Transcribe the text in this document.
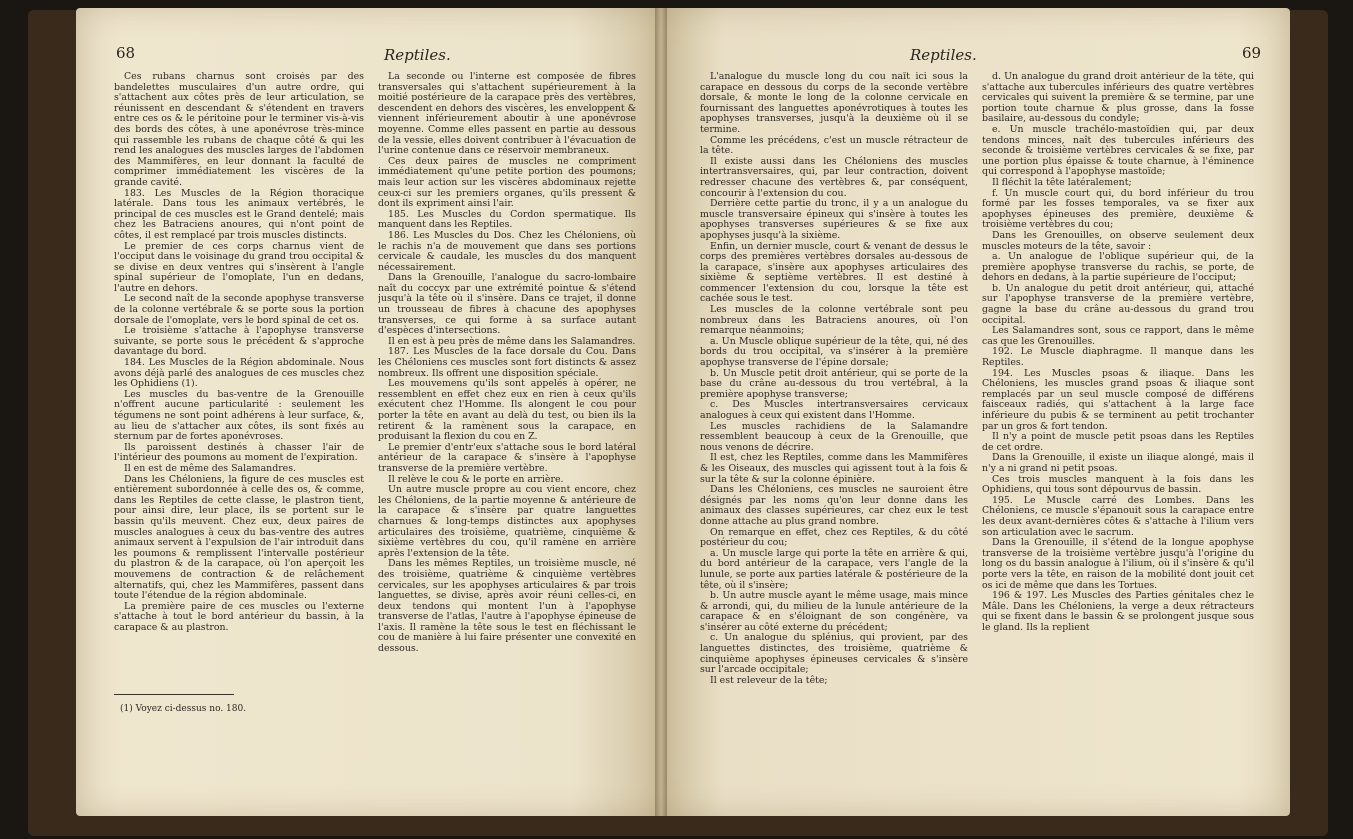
68	Reptiles.

Ces rubans charnus sont croisés par des bandelettes musculaires d'un autre ordre, qui s'attachent aux côtes près de leur articulation, se réunissent en descendant & s'étendent en travers entre ces os & le péritoine pour le terminer vis-à-vis des bords des côtes, à une aponévrose très-mince qui rassemble les rubans de chaque côté & qui les rend les analogues des muscles larges de l'abdomen des Mammifères, en leur donnant la faculté de comprimer immédiatement les viscères de la grande cavité.

183. Les Muscles de la Région thoracique latérale. Dans tous les animaux vertébrés, le principal de ces muscles est le Grand dentelé; mais chez les Batraciens anoures, qui n'ont point de côtes, il est remplacé par trois muscles distincts.

Le premier de ces corps charnus vient de l'occiput dans le voisinage du grand trou occipital & se divise en deux ventres qui s'insèrent à l'angle spinal supérieur de l'omoplate, l'un en dedans, l'autre en dehors.

Le second naît de la seconde apophyse transverse de la colonne vertébrale & se porte sous la portion dorsale de l'omoplate, vers le bord spinal de cet os.

Le troisième s'attache à l'apophyse transverse suivante, se porte sous le précédent & s'approche davantage du bord.

184. Les Muscles de la Région abdominale. Nous avons déjà parlé des analogues de ces muscles chez les Ophidiens (1).

Les muscles du bas-ventre de la Grenouille n'offrent aucune particularité : seulement les tégumens ne sont point adhérens à leur surface, &, au lieu de s'attacher aux côtes, ils sont fixés au sternum par de fortes aponévroses.

Ils paroissent destinés à chasser l'air de l'intérieur des poumons au moment de l'expiration.

Il en est de même des Salamandres.

Dans les Chéloniens, la figure de ces muscles est entièrement subordonnée à celle des os, & comme, dans les Reptiles de cette classe, le plastron tient, pour ainsi dire, leur place, ils se portent sur le bassin qu'ils meuvent. Chez eux, deux paires de muscles analogues à ceux du bas-ventre des autres animaux servent à l'expulsion de l'air introduit dans les poumons & remplissent l'intervalle postérieur du plastron & de la carapace, où l'on aperçoit les mouvemens de contraction & de relâchement alternatifs, qui, chez les Mammifères, passent dans toute l'étendue de la région abdominale.

La première paire de ces muscles ou l'externe s'attache à tout le bord antérieur du bassin, à la carapace & au plastron.

(1) Voyez ci-dessus no. 180.

La seconde ou l'interne est composée de fibres transversales qui s'attachent supérieurement à la moitié postérieure de la carapace près des vertèbres, descendent en dehors des viscères, les enveloppent & viennent inférieurement aboutir à une aponévrose moyenne. Comme elles passent en partie au dessous de la vessie, elles doivent contribuer à l'évacuation de l'urine contenue dans ce réservoir membraneux.

Ces deux paires de muscles ne compriment immédiatement qu'une petite portion des poumons; mais leur action sur les viscères abdominaux rejette ceux-ci sur les premiers organes, qu'ils pressent & dont ils expriment ainsi l'air.

185. Les Muscles du Cordon spermatique. Ils manquent dans les Reptiles.

186. Les Muscles du Dos. Chez les Chéloniens, où le rachis n'a de mouvement que dans ses portions cervicale & caudale, les muscles du dos manquent nécessairement.

Dans la Grenouille, l'analogue du sacro-lombaire naît du coccyx par une extrémité pointue & s'étend jusqu'à la tête où il s'insère. Dans ce trajet, il donne un trousseau de fibres à chacune des apophyses transverses, ce qui forme à sa surface autant d'espèces d'intersections.

Il en est à peu près de même dans les Salamandres.

187. Les Muscles de la face dorsale du Cou. Dans les Chéloniens ces muscles sont fort distincts & assez nombreux. Ils offrent une disposition spéciale.

Les mouvemens qu'ils sont appelés à opérer, ne ressemblent en effet chez eux en rien à ceux qu'ils exécutent chez l'Homme. Ils alongent le cou pour porter la tête en avant au delà du test, ou bien ils la retirent & la ramènent sous la carapace, en produisant la flexion du cou en Z.

Le premier d'entr'eux s'attache sous le bord latéral antérieur de la carapace & s'insère à l'apophyse transverse de la première vertèbre.

Il relève le cou & le porte en arrière.

Un autre muscle propre au cou vient encore, chez les Chéloniens, de la partie moyenne & antérieure de la carapace & s'insère par quatre languettes charnues & long-temps distinctes aux apophyses articulaires des troisième, quatrième, cinquième & sixième vertèbres du cou, qu'il ramène en arrière après l'extension de la tête.

Dans les mêmes Reptiles, un troisième muscle, né des troisième, quatrième & cinquième vertèbres cervicales, sur les apophyses articulaires & par trois languettes, se divise, après avoir réuni celles-ci, en deux tendons qui montent l'un à l'apophyse transverse de l'atlas, l'autre à l'apophyse épineuse de l'axis. Il ramène la tête sous le test en fléchissant le cou de manière à lui faire présenter une convexité en dessous.

Reptiles.	69

L'analogue du muscle long du cou naît ici sous la carapace en dessous du corps de la seconde vertèbre dorsale, & monte le long de la colonne cervicale en fournissant des languettes aponévrotiques à toutes les apophyses transverses, jusqu'à la deuxième où il se termine.

Comme les précédens, c'est un muscle rétracteur de la tête.

Il existe aussi dans les Chéloniens des muscles intertransversaires, qui, par leur contraction, doivent redresser chacune des vertèbres &, par conséquent, concourir à l'extension du cou.

Derrière cette partie du tronc, il y a un analogue du muscle transversaire épineux qui s'insère à toutes les apophyses transverses supérieures & se fixe aux apophyses jusqu'à la sixième.

Enfin, un dernier muscle, court & venant de dessus le corps des premières vertèbres dorsales au-dessous de la carapace, s'insère aux apophyses articulaires des sixième & septième vertèbres. Il est destiné à commencer l'extension du cou, lorsque la tête est cachée sous le test.

Les muscles de la colonne vertébrale sont peu nombreux dans les Batraciens anoures, où l'on remarque néanmoins;

a. Un Muscle oblique supérieur de la tête, qui, né des bords du trou occipital, va s'insérer à la première apophyse transverse de l'épine dorsale;

b. Un Muscle petit droit antérieur, qui se porte de la base du crâne au-dessous du trou vertébral, à la première apophyse transverse;

c. Des Muscles intertransversaires cervicaux analogues à ceux qui existent dans l'Homme.

Les muscles rachidiens de la Salamandre ressemblent beaucoup à ceux de la Grenouille, que nous venons de décrire.

Il est, chez les Reptiles, comme dans les Mammifères & les Oiseaux, des muscles qui agissent tout à la fois & sur la tête & sur la colonne épinière.

Dans les Chéloniens, ces muscles ne sauroient être désignés par les noms qu'on leur donne dans les animaux des classes supérieures, car chez eux le test donne attache au plus grand nombre.

On remarque en effet, chez ces Reptiles, & du côté postérieur du cou;

a. Un muscle large qui porte la tête en arrière & qui, du bord antérieur de la carapace, vers l'angle de la lunule, se porte aux parties latérale & postérieure de la tête, où il s'insère;

b. Un autre muscle ayant le même usage, mais mince & arrondi, qui, du milieu de la lunule antérieure de la carapace & en s'éloignant de son congénère, va s'insérer au côté externe du précédent;

c. Un analogue du splénius, qui provient, par des languettes distinctes, des troisième, quatrième & cinquième apophyses épineuses cervicales & s'insère sur l'arcade occipitale;

Il est releveur de la tête;

d. Un analogue du grand droit antérieur de la tête, qui s'attache aux tubercules inférieurs des quatre vertèbres cervicales qui suivent la première & se termine, par une portion toute charnue & plus grosse, dans la fosse basilaire, au-dessous du condyle;

e. Un muscle trachélo-mastoïdien qui, par deux tendons minces, naît des tubercules inférieurs des seconde & troisième vertèbres cervicales & se fixe, par une portion plus épaisse & toute charnue, à l'éminence qui correspond à l'apophyse mastoïde;

Il fléchit la tête latéralement;

f. Un muscle court qui, du bord inférieur du trou formé par les fosses temporales, va se fixer aux apophyses épineuses des première, deuxième & troisième vertèbres du cou;

Dans les Grenouilles, on observe seulement deux muscles moteurs de la tête, savoir :

a. Un analogue de l'oblique supérieur qui, de la première apophyse transverse du rachis, se porte, de dehors en dedans, à la partie supérieure de l'occiput;

b. Un analogue du petit droit antérieur, qui, attaché sur l'apophyse transverse de la première vertèbre, gagne la base du crâne au-dessous du grand trou occipital.

Les Salamandres sont, sous ce rapport, dans le même cas que les Grenouilles.

192. Le Muscle diaphragme. Il manque dans les Reptiles.

194. Les Muscles psoas & iliaque. Dans les Chéloniens, les muscles grand psoas & iliaque sont remplacés par un seul muscle composé de différens faisceaux radiés, qui s'attachent à la large face inférieure du pubis & se terminent au petit trochanter par un gros & fort tendon.

Il n'y a point de muscle petit psoas dans les Reptiles de cet ordre.

Dans la Grenouille, il existe un iliaque alongé, mais il n'y a ni grand ni petit psoas.

Ces trois muscles manquent à la fois dans les Ophidiens, qui tous sont dépourvus de bassin.

195. Le Muscle carré des Lombes. Dans les Chéloniens, ce muscle s'épanouit sous la carapace entre les deux avant-dernières côtes & s'attache à l'ilium vers son articulation avec le sacrum.

Dans la Grenouille, il s'étend de la longue apophyse transverse de la troisième vertèbre jusqu'à l'origine du long os du bassin analogue à l'ilium, où il s'insère & qu'il porte vers la tête, en raison de la mobilité dont jouit cet os ici de même que dans les Tortues.

196 & 197. Les Muscles des Parties génitales chez le Mâle. Dans les Chéloniens, la verge a deux rétracteurs qui se fixent dans le bassin & se prolongent jusque sous le gland. Ils la replient
